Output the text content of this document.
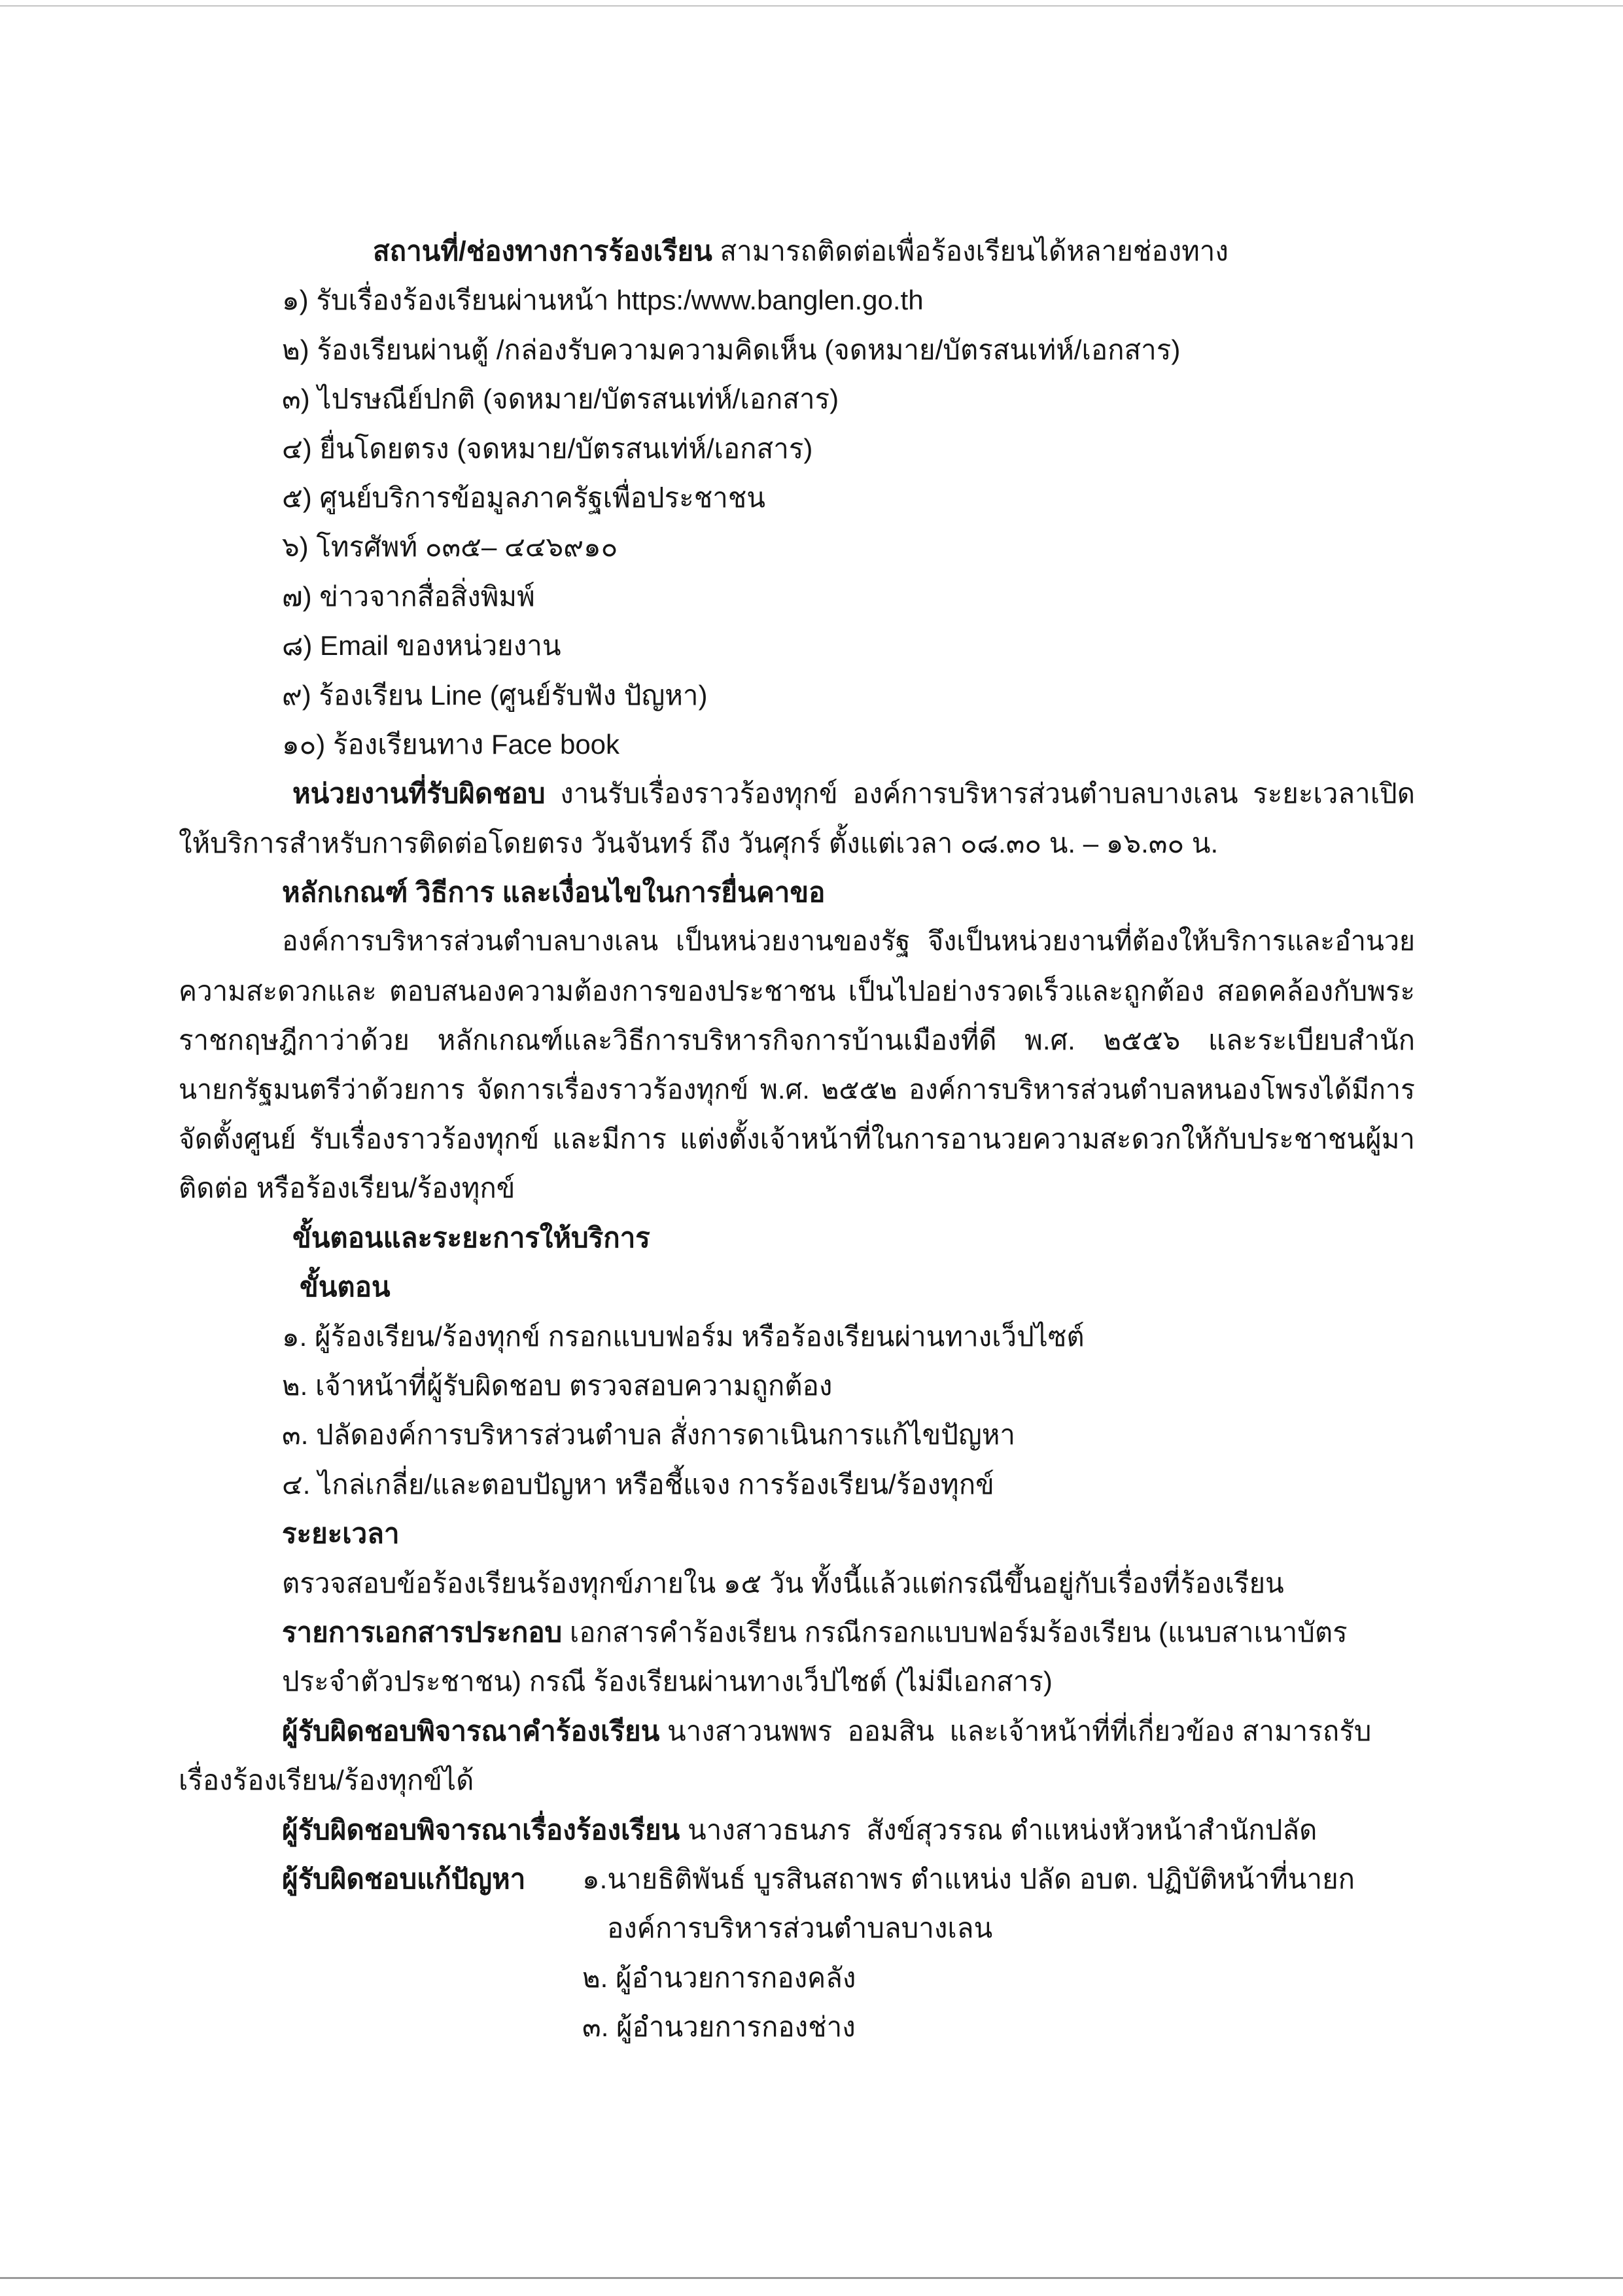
สถานที่/ช่องทางการร้องเรียน สามารถติดต่อเพื่อร้องเรียนได้หลายช่องทาง
๑) รับเรื่องร้องเรียนผ่านหน้า https:/www.banglen.go.th
๒) ร้องเรียนผ่านตู้ /กล่องรับความความคิดเห็น (จดหมาย/บัตรสนเท่ห์/เอกสาร)
๓) ไปรษณีย์ปกติ (จดหมาย/บัตรสนเท่ห์/เอกสาร)
๔) ยื่นโดยตรง (จดหมาย/บัตรสนเท่ห์/เอกสาร)
๕) ศูนย์บริการข้อมูลภาครัฐเพื่อประชาชน
๖) โทรศัพท์ ๐๓๕– ๔๔๖๙๑๐
๗) ข่าวจากสื่อสิ่งพิมพ์
๘) Email ของหน่วยงาน
๙) ร้องเรียน Line (ศูนย์รับฟัง ปัญหา)
๑๐) ร้องเรียนทาง Face book
หน่วยงานที่รับผิดชอบ งานรับเรื่องราวร้องทุกข์ องค์การบริหารส่วนตำบลบางเลน ระยะเวลาเปิด
ให้บริการสำหรับการติดต่อโดยตรง วันจันทร์ ถึง วันศุกร์ ตั้งแต่เวลา ๐๘.๓๐ น. – ๑๖.๓๐ น.
หลักเกณฑ์ วิธีการ และเงื่อนไขในการยื่นคาขอ
องค์การบริหารส่วนตำบลบางเลน เป็นหน่วยงานของรัฐ จึงเป็นหน่วยงานที่ต้องให้บริการและอำนวย
ความสะดวกและ ตอบสนองความต้องการของประชาชน เป็นไปอย่างรวดเร็วและถูกต้อง สอดคล้องกับพระ
ราชกฤษฎีกาว่าด้วย หลักเกณฑ์และวิธีการบริหารกิจการบ้านเมืองที่ดี พ.ศ. ๒๕๕๖ และระเบียบสำนัก
นายกรัฐมนตรีว่าด้วยการ จัดการเรื่องราวร้องทุกข์ พ.ศ. ๒๕๕๒ องค์การบริหารส่วนตำบลหนองโพรงได้มีการ
จัดตั้งศูนย์ รับเรื่องราวร้องทุกข์ และมีการ แต่งตั้งเจ้าหน้าที่ในการอานวยความสะดวกให้กับประชาชนผู้มา
ติดต่อ หรือร้องเรียน/ร้องทุกข์
ขั้นตอนและระยะการให้บริการ
ขั้นตอน
๑. ผู้ร้องเรียน/ร้องทุกข์ กรอกแบบฟอร์ม หรือร้องเรียนผ่านทางเว็ปไซต์
๒. เจ้าหน้าที่ผู้รับผิดชอบ ตรวจสอบความถูกต้อง
๓. ปลัดองค์การบริหารส่วนตำบล สั่งการดาเนินการแก้ไขปัญหา
๔. ไกล่เกลี่ย/และตอบปัญหา หรือชี้แจง การร้องเรียน/ร้องทุกข์
ระยะเวลา
ตรวจสอบข้อร้องเรียนร้องทุกข์ภายใน ๑๕ วัน ทั้งนี้แล้วแต่กรณีขึ้นอยู่กับเรื่องที่ร้องเรียน
รายการเอกสารประกอบ เอกสารคำร้องเรียน กรณีกรอกแบบฟอร์มร้องเรียน (แนบสาเนาบัตร
ประจำตัวประชาชน) กรณี ร้องเรียนผ่านทางเว็ปไซต์ (ไม่มีเอกสาร)
ผู้รับผิดชอบพิจารณาคำร้องเรียน นางสาวนพพร  ออมสิน  และเจ้าหน้าที่ที่เกี่ยวข้อง สามารถรับ
เรื่องร้องเรียน/ร้องทุกข์ได้
ผู้รับผิดชอบพิจารณาเรื่องร้องเรียน นางสาวธนภร  สังข์สุวรรณ ตำแหน่งหัวหน้าสำนักปลัด
ผู้รับผิดชอบแก้ปัญหา ๑.นายธิติพันธ์ บูรสินสถาพร ตำแหน่ง ปลัด อบต. ปฏิบัติหน้าที่นายก
องค์การบริหารส่วนตำบลบางเลน
๒. ผู้อำนวยการกองคลัง
๓. ผู้อำนวยการกองช่าง
